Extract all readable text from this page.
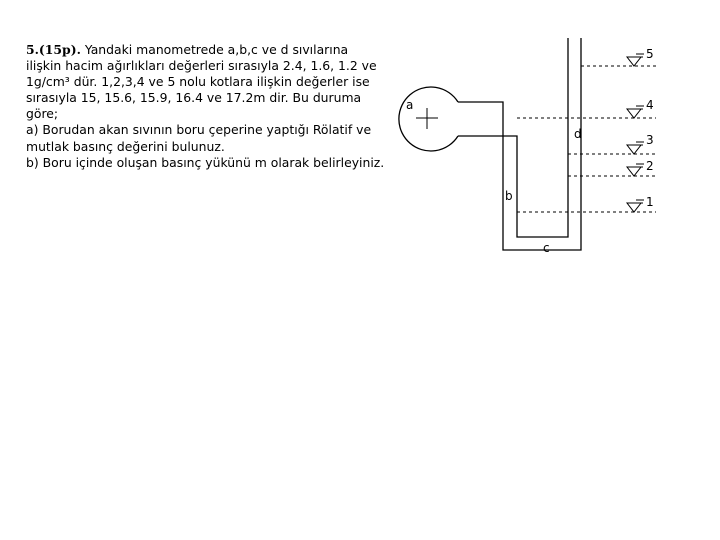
5.(15p). Yandaki manometrede a,b,c ve d sıvılarına
ilişkin hacim ağırlıkları değerleri sırasıyla 2.4, 1.6, 1.2 ve
1g/cm³ dür. 1,2,3,4 ve 5 nolu kotlara ilişkin değerler ise
sırasıyla 15, 15.6, 15.9, 16.4 ve 17.2m dir. Bu duruma
göre;
a) Borudan akan sıvının boru çeperine yaptığı Rölatif ve
mutlak basınç değerini bulunuz.
b) Boru içinde oluşan basınç yükünü m olarak belirleyiniz.
5
4
3
2
1
a
b
c
d
